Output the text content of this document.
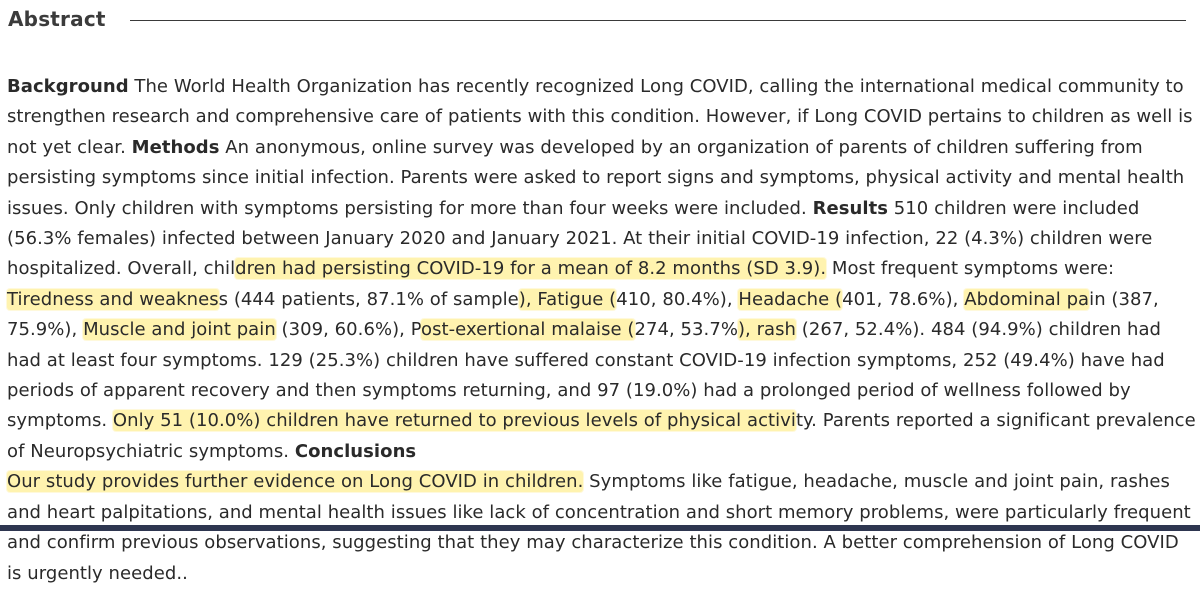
Abstract

Background The World Health Organization has recently recognized Long COVID, calling the international medical community to strengthen research and comprehensive care of patients with this condition. However, if Long COVID pertains to children as well is not yet clear. Methods An anonymous, online survey was developed by an organization of parents of children suffering from persisting symptoms since initial infection. Parents were asked to report signs and symptoms, physical activity and mental health issues. Only children with symptoms persisting for more than four weeks were included. Results 510 children were included (56.3% females) infected between January 2020 and January 2021. At their initial COVID-19 infection, 22 (4.3%) children were hospitalized. Overall, children had persisting COVID-19 for a mean of 8.2 months (SD 3.9). Most frequent symptoms were: Tiredness and weakness (444 patients, 87.1% of sample), Fatigue (410, 80.4%), Headache (401, 78.6%), Abdominal pain (387, 75.9%), Muscle and joint pain (309, 60.6%), Post-exertional malaise (274, 53.7%), rash (267, 52.4%). 484 (94.9%) children had had at least four symptoms. 129 (25.3%) children have suffered constant COVID-19 infection symptoms, 252 (49.4%) have had periods of apparent recovery and then symptoms returning, and 97 (19.0%) had a prolonged period of wellness followed by symptoms. Only 51 (10.0%) children have returned to previous levels of physical activity. Parents reported a significant prevalence of Neuropsychiatric symptoms. Conclusions
Our study provides further evidence on Long COVID in children. Symptoms like fatigue, headache, muscle and joint pain, rashes and heart palpitations, and mental health issues like lack of concentration and short memory problems, were particularly frequent and confirm previous observations, suggesting that they may characterize this condition. A better comprehension of Long COVID is urgently needed..
